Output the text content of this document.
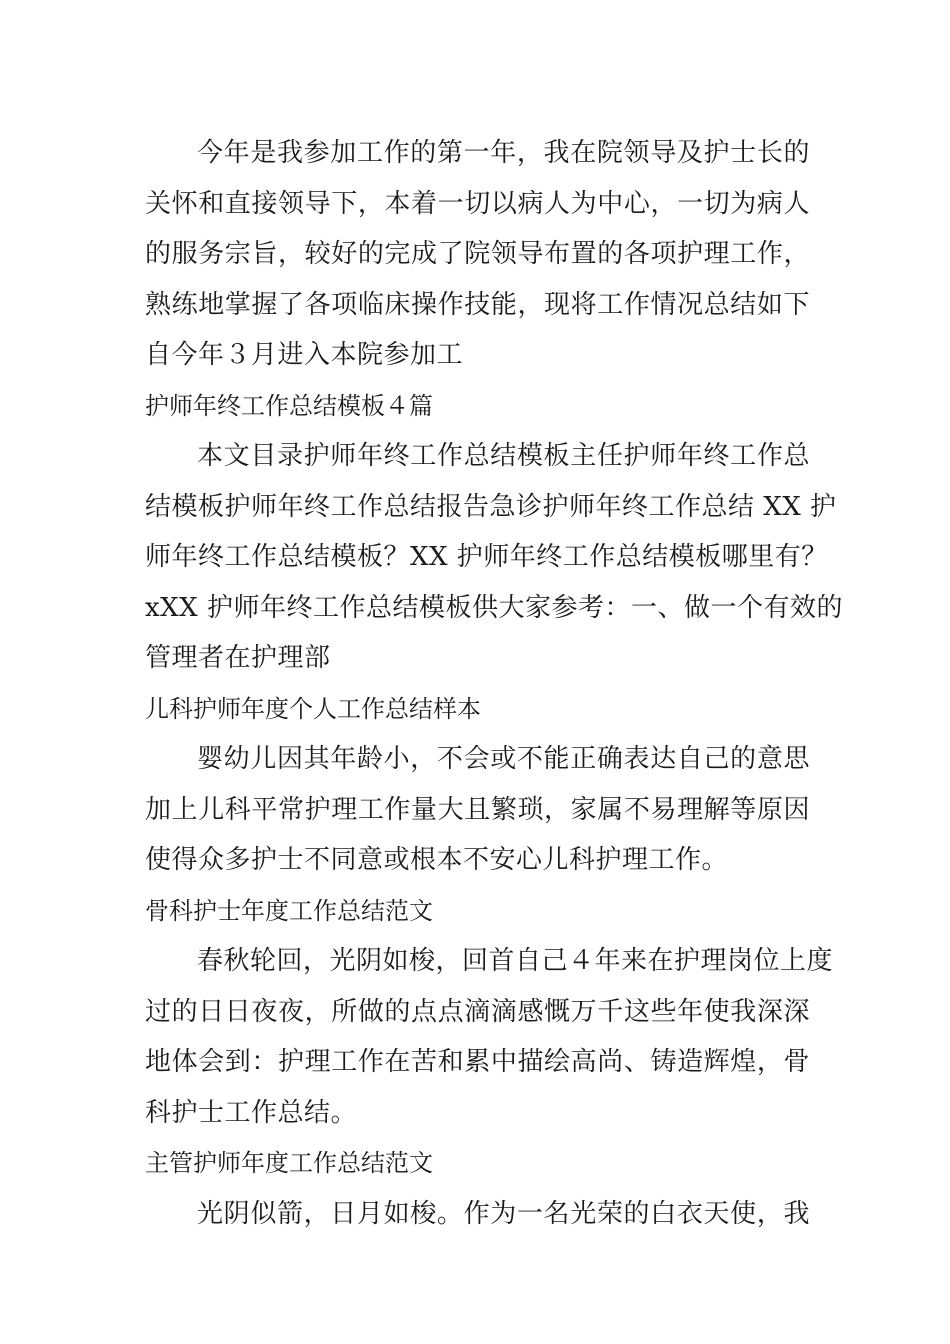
今年是我参加工作的第一年，我在院领导及护士长的
关怀和直接领导下，本着一切以病人为中心，一切为病人
的服务宗旨，较好的完成了院领导布置的各项护理工作，
熟练地掌握了各项临床操作技能，现将工作情况总结如下
自今年３月进入本院参加工
护师年终工作总结模板４篇
本文目录护师年终工作总结模板主任护师年终工作总
结模板护师年终工作总结报告急诊护师年终工作总结 XX 护
师年终工作总结模板？XX 护师年终工作总结模板哪里有？
xXX 护师年终工作总结模板供大家参考：一、做一个有效的
管理者在护理部
儿科护师年度个人工作总结样本
婴幼儿因其年龄小，不会或不能正确表达自己的意思
加上儿科平常护理工作量大且繁琐，家属不易理解等原因
使得众多护士不同意或根本不安心儿科护理工作。
骨科护士年度工作总结范文
春秋轮回，光阴如梭，回首自己４年来在护理岗位上度
过的日日夜夜，所做的点点滴滴感慨万千这些年使我深深
地体会到：护理工作在苦和累中描绘高尚、铸造辉煌，骨
科护士工作总结。
主管护师年度工作总结范文
光阴似箭，日月如梭。作为一名光荣的白衣天使，我
